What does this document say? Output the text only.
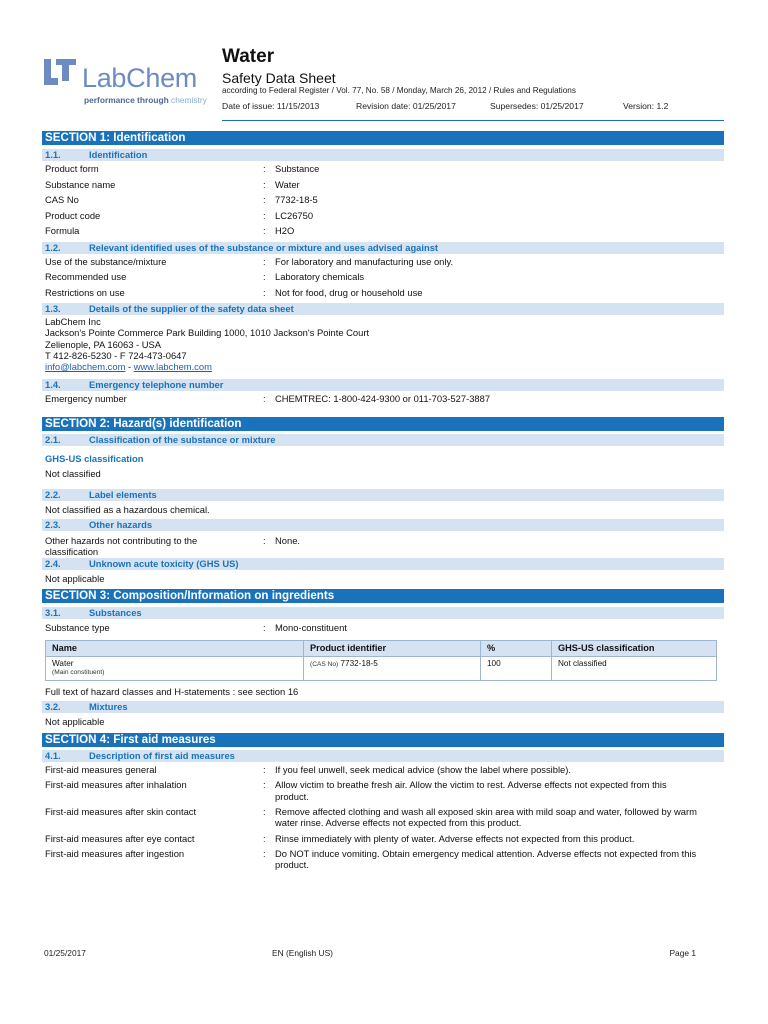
LabChem
performance through chemistry
Water
Safety Data Sheet
according to Federal Register / Vol. 77, No. 58 / Monday, March 26, 2012 / Rules and Regulations
Date of issue: 11/15/2013	Revision date: 01/25/2017	Supersedes: 01/25/2017	Version: 1.2
SECTION 1: Identification
1.1.	Identification
Product form	: Substance
Substance name	: Water
CAS No	: 7732-18-5
Product code	: LC26750
Formula	: H2O
1.2.	Relevant identified uses of the substance or mixture and uses advised against
Use of the substance/mixture	: For laboratory and manufacturing use only.
Recommended use	: Laboratory chemicals
Restrictions on use	: Not for food, drug or household use
1.3.	Details of the supplier of the safety data sheet
LabChem Inc
Jackson's Pointe Commerce Park Building 1000, 1010 Jackson's Pointe Court
Zelienople, PA 16063 - USA
T 412-826-5230 - F 724-473-0647
info@labchem.com - www.labchem.com
1.4.	Emergency telephone number
Emergency number	: CHEMTREC: 1-800-424-9300 or 011-703-527-3887
SECTION 2: Hazard(s) identification
2.1.	Classification of the substance or mixture
GHS-US classification
Not classified
2.2.	Label elements
Not classified as a hazardous chemical.
2.3.	Other hazards
Other hazards not contributing to the classification
: None.
2.4.	Unknown acute toxicity (GHS US)
Not applicable
SECTION 3: Composition/Information on ingredients
3.1.	Substances
Substance type	: Mono-constituent
Name	Product identifier	%	GHS-US classification

Water
(Main constituent)	(CAS No) 7732-18-5	100	Not classified
Full text of hazard classes and H-statements : see section 16
3.2.	Mixtures
Not applicable
SECTION 4: First aid measures
4.1.	Description of first aid measures
First-aid measures general	: If you feel unwell, seek medical advice (show the label where possible).
First-aid measures after inhalation	: Allow victim to breathe fresh air. Allow the victim to rest. Adverse effects not expected from this product.
First-aid measures after skin contact	: Remove affected clothing and wash all exposed skin area with mild soap and water, followed by warm water rinse. Adverse effects not expected from this product.
First-aid measures after eye contact	: Rinse immediately with plenty of water. Adverse effects not expected from this product.
First-aid measures after ingestion	: Do NOT induce vomiting. Obtain emergency medical attention. Adverse effects not expected from this product.
01/25/2017	EN (English US)	Page 1
